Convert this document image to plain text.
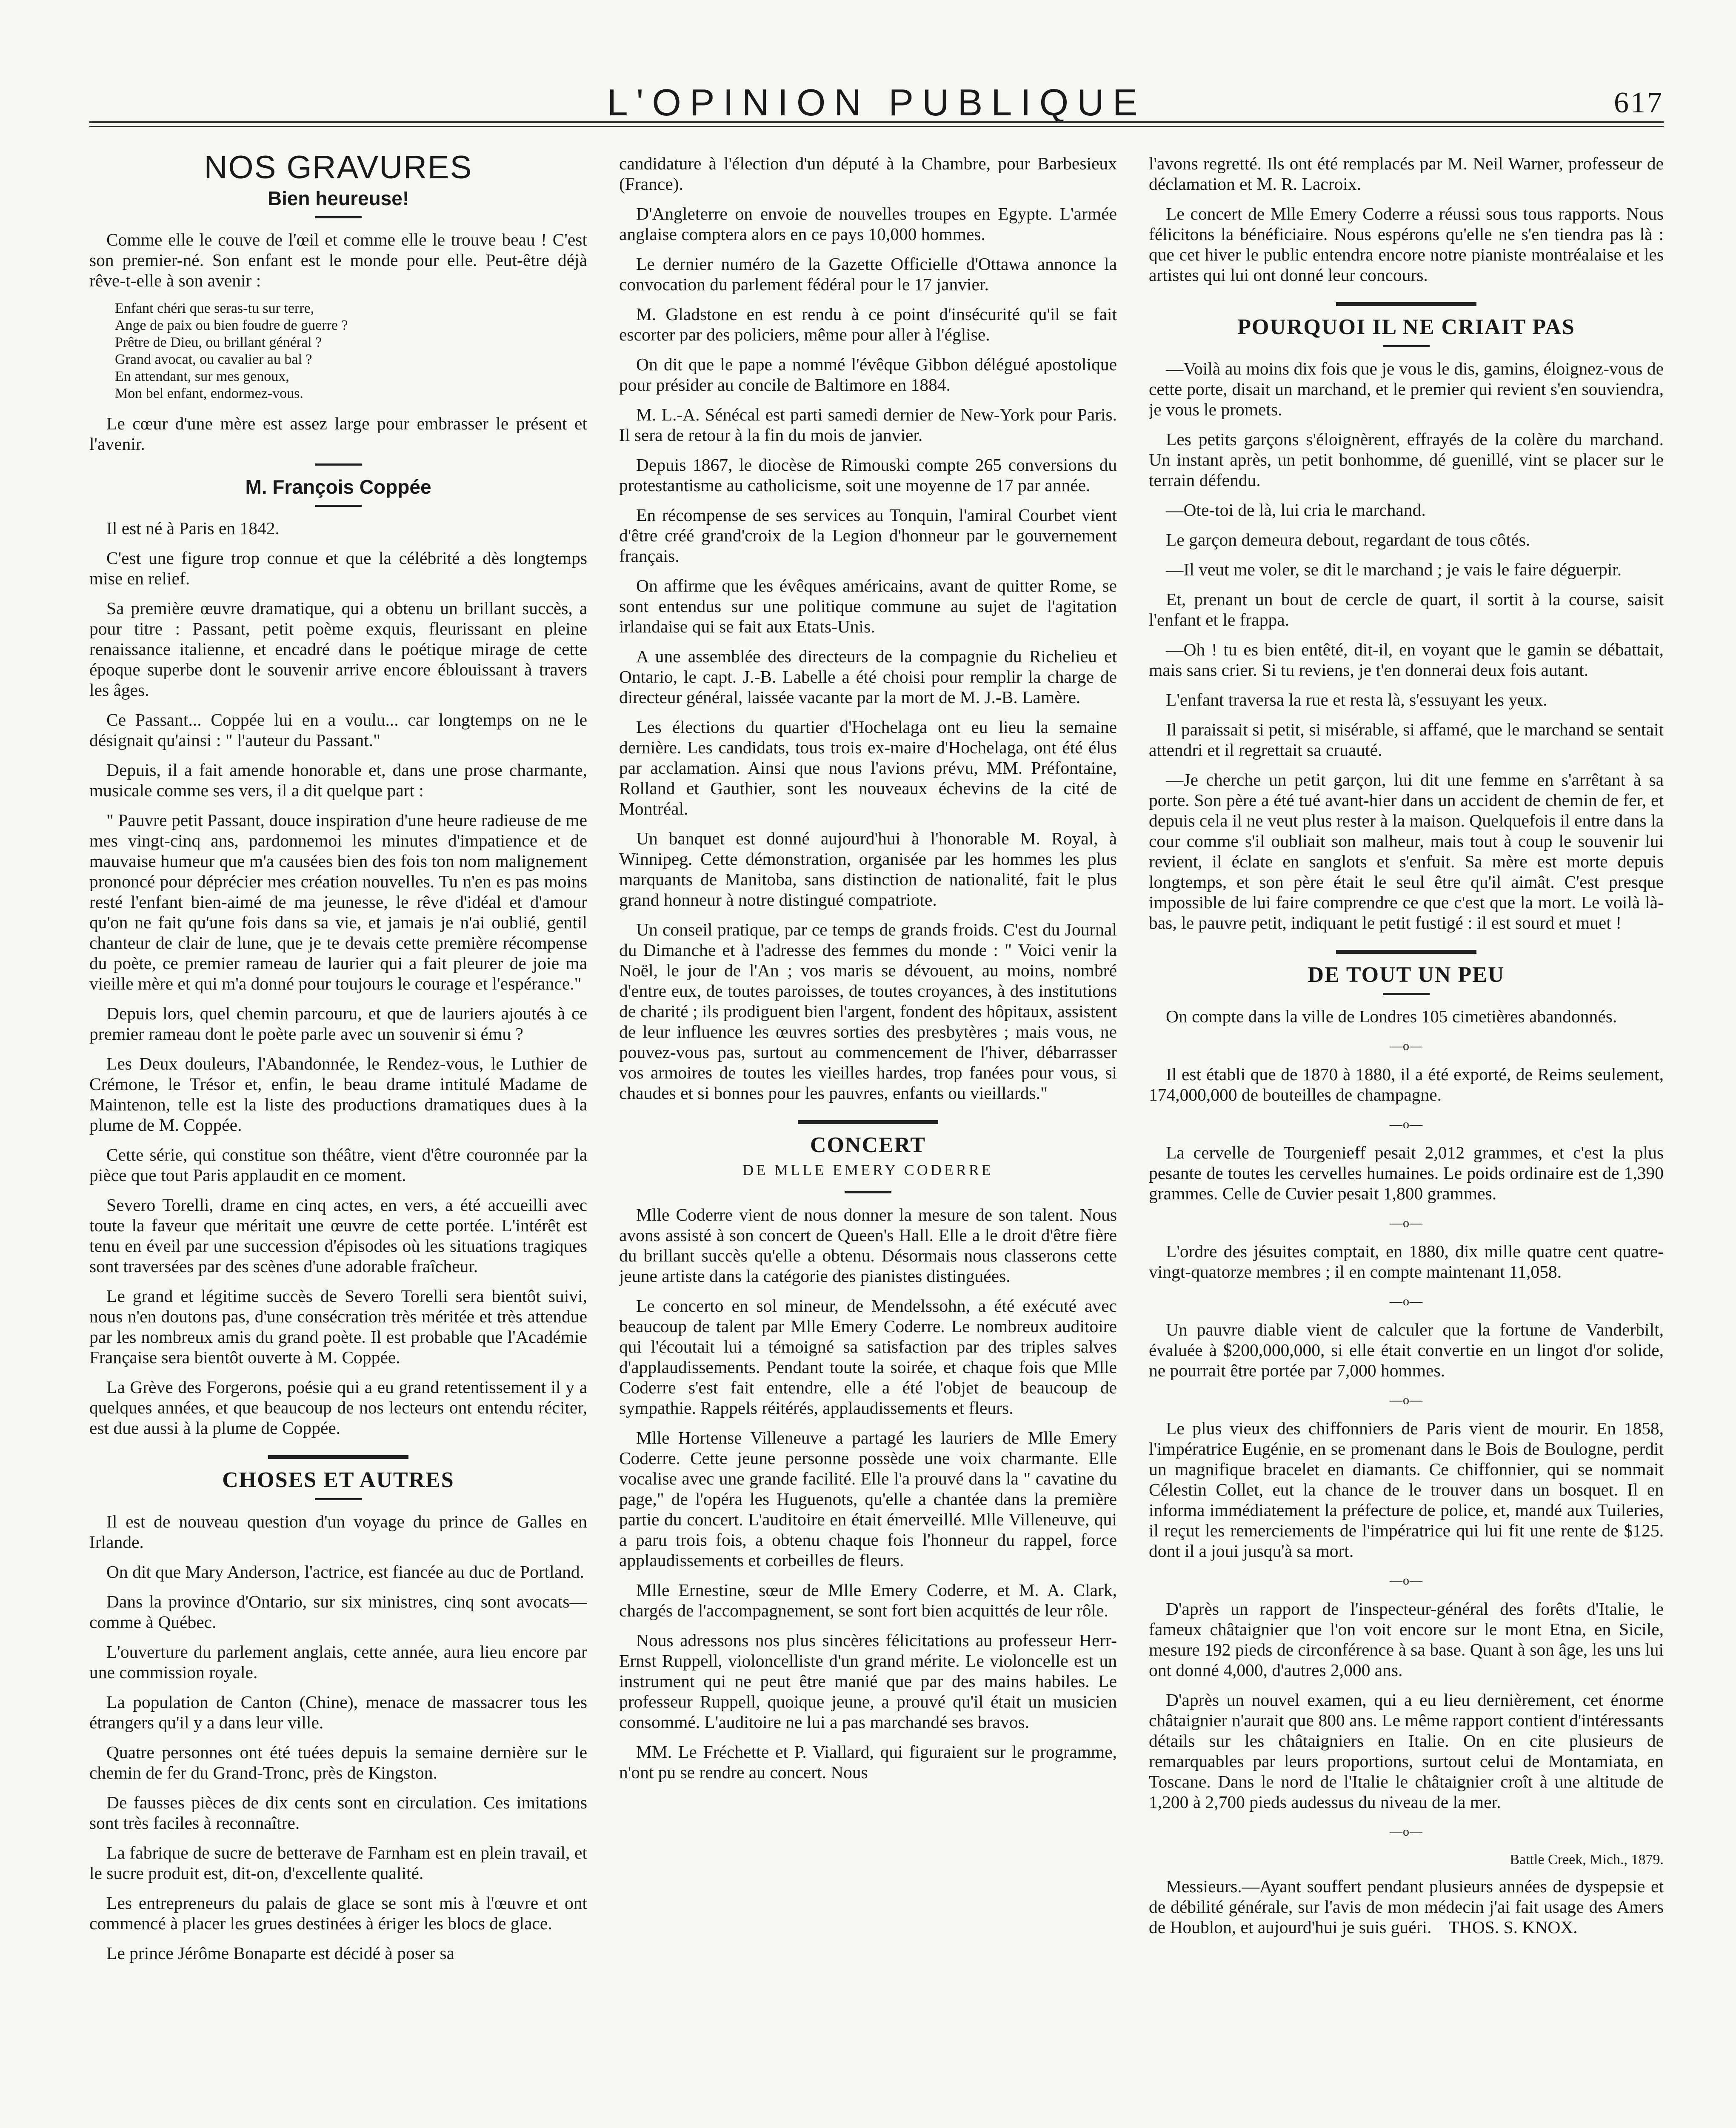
L'OPINION PUBLIQUE	617
NOS GRAVURES
Bien heureuse!

Comme elle le couve de l'œil et comme elle le trouve beau ! C'est son premier-né. Son enfant est le monde pour elle. Peut-être déjà rêve-t-elle à son avenir :

Enfant chéri que seras-tu sur terre,
Ange de paix ou bien foudre de guerre ?
Prêtre de Dieu, ou brillant général ?
Grand avocat, ou cavalier au bal ?
En attendant, sur mes genoux,
Mon bel enfant, endormez-vous.

Le cœur d'une mère est assez large pour embrasser le présent et l'avenir.

M. François Coppée

Il est né à Paris en 1842.

C'est une figure trop connue et que la célébrité a dès longtemps mise en relief.

Sa première œuvre dramatique, qui a obtenu un brillant succès, a pour titre : Passant, petit poème exquis, fleurissant en pleine renaissance italienne, et encadré dans le poétique mirage de cette époque superbe dont le souvenir arrive encore éblouissant à travers les âges.

Ce Passant... Coppée lui en a voulu... car longtemps on ne le désignait qu'ainsi : " l'auteur du Passant."

Depuis, il a fait amende honorable et, dans une prose charmante, musicale comme ses vers, il a dit quelque part :

" Pauvre petit Passant, douce inspiration d'une heure radieuse de me mes vingt-cinq ans, pardonnemoi les minutes d'impatience et de mauvaise humeur que m'a causées bien des fois ton nom malignement prononcé pour déprécier mes création nouvelles. Tu n'en es pas moins resté l'enfant bien-aimé de ma jeunesse, le rêve d'idéal et d'amour qu'on ne fait qu'une fois dans sa vie, et jamais je n'ai oublié, gentil chanteur de clair de lune, que je te devais cette première récompense du poète, ce premier rameau de laurier qui a fait pleurer de joie ma vieille mère et qui m'a donné pour toujours le courage et l'espérance."

Depuis lors, quel chemin parcouru, et que de lauriers ajoutés à ce premier rameau dont le poète parle avec un souvenir si ému ?

Les Deux douleurs, l'Abandonnée, le Rendez-vous, le Luthier de Crémone, le Trésor et, enfin, le beau drame intitulé Madame de Maintenon, telle est la liste des productions dramatiques dues à la plume de M. Coppée.

Cette série, qui constitue son théâtre, vient d'être couronnée par la pièce que tout Paris applaudit en ce moment.

Severo Torelli, drame en cinq actes, en vers, a été accueilli avec toute la faveur que méritait une œuvre de cette portée. L'intérêt est tenu en éveil par une succession d'épisodes où les situations tragiques sont traversées par des scènes d'une adorable fraîcheur.

Le grand et légitime succès de Severo Torelli sera bientôt suivi, nous n'en doutons pas, d'une consécration très méritée et très attendue par les nombreux amis du grand poète. Il est probable que l'Académie Française sera bientôt ouverte à M. Coppée.

La Grève des Forgerons, poésie qui a eu grand retentissement il y a quelques années, et que beaucoup de nos lecteurs ont entendu réciter, est due aussi à la plume de Coppée.

CHOSES ET AUTRES

Il est de nouveau question d'un voyage du prince de Galles en Irlande.

On dit que Mary Anderson, l'actrice, est fiancée au duc de Portland.

Dans la province d'Ontario, sur six ministres, cinq sont avocats—comme à Québec.

L'ouverture du parlement anglais, cette année, aura lieu encore par une commission royale.

La population de Canton (Chine), menace de massacrer tous les étrangers qu'il y a dans leur ville.

Quatre personnes ont été tuées depuis la semaine dernière sur le chemin de fer du Grand-Tronc, près de Kingston.

De fausses pièces de dix cents sont en circulation. Ces imitations sont très faciles à reconnaître.

La fabrique de sucre de betterave de Farnham est en plein travail, et le sucre produit est, dit-on, d'excellente qualité.

Les entrepreneurs du palais de glace se sont mis à l'œuvre et ont commencé à placer les grues destinées à ériger les blocs de glace.

Le prince Jérôme Bonaparte est décidé à poser sa

candidature à l'élection d'un député à la Chambre, pour Barbesieux (France).

D'Angleterre on envoie de nouvelles troupes en Egypte. L'armée anglaise comptera alors en ce pays 10,000 hommes.

Le dernier numéro de la Gazette Officielle d'Ottawa annonce la convocation du parlement fédéral pour le 17 janvier.

M. Gladstone en est rendu à ce point d'insécurité qu'il se fait escorter par des policiers, même pour aller à l'église.

On dit que le pape a nommé l'évêque Gibbon délégué apostolique pour présider au concile de Baltimore en 1884.

M. L.-A. Sénécal est parti samedi dernier de New-York pour Paris. Il sera de retour à la fin du mois de janvier.

Depuis 1867, le diocèse de Rimouski compte 265 conversions du protestantisme au catholicisme, soit une moyenne de 17 par année.

En récompense de ses services au Tonquin, l'amiral Courbet vient d'être créé grand'croix de la Legion d'honneur par le gouvernement français.

On affirme que les évêques américains, avant de quitter Rome, se sont entendus sur une politique commune au sujet de l'agitation irlandaise qui se fait aux Etats-Unis.

A une assemblée des directeurs de la compagnie du Richelieu et Ontario, le capt. J.-B. Labelle a été choisi pour remplir la charge de directeur général, laissée vacante par la mort de M. J.-B. Lamère.

Les élections du quartier d'Hochelaga ont eu lieu la semaine dernière. Les candidats, tous trois ex-maire d'Hochelaga, ont été élus par acclamation. Ainsi que nous l'avions prévu, MM. Préfontaine, Rolland et Gauthier, sont les nouveaux échevins de la cité de Montréal.

Un banquet est donné aujourd'hui à l'honorable M. Royal, à Winnipeg. Cette démonstration, organisée par les hommes les plus marquants de Manitoba, sans distinction de nationalité, fait le plus grand honneur à notre distingué compatriote.

Un conseil pratique, par ce temps de grands froids. C'est du Journal du Dimanche et à l'adresse des femmes du monde : " Voici venir la Noël, le jour de l'An ; vos maris se dévouent, au moins, nombré d'entre eux, de toutes paroisses, de toutes croyances, à des institutions de charité ; ils prodiguent bien l'argent, fondent des hôpitaux, assistent de leur influence les œuvres sorties des presbytères ; mais vous, ne pouvez-vous pas, surtout au commencement de l'hiver, débarrasser vos armoires de toutes les vieilles hardes, trop fanées pour vous, si chaudes et si bonnes pour les pauvres, enfants ou vieillards."

CONCERT
DE MLLE EMERY CODERRE

Mlle Coderre vient de nous donner la mesure de son talent. Nous avons assisté à son concert de Queen's Hall. Elle a le droit d'être fière du brillant succès qu'elle a obtenu. Désormais nous classerons cette jeune artiste dans la catégorie des pianistes distinguées.

Le concerto en sol mineur, de Mendelssohn, a été exécuté avec beaucoup de talent par Mlle Emery Coderre. Le nombreux auditoire qui l'écoutait lui a témoigné sa satisfaction par des triples salves d'applaudissements. Pendant toute la soirée, et chaque fois que Mlle Coderre s'est fait entendre, elle a été l'objet de beaucoup de sympathie. Rappels réitérés, applaudissements et fleurs.

Mlle Hortense Villeneuve a partagé les lauriers de Mlle Emery Coderre. Cette jeune personne possède une voix charmante. Elle vocalise avec une grande facilité. Elle l'a prouvé dans la " cavatine du page," de l'opéra les Huguenots, qu'elle a chantée dans la première partie du concert. L'auditoire en était émerveillé. Mlle Villeneuve, qui a paru trois fois, a obtenu chaque fois l'honneur du rappel, force applaudissements et corbeilles de fleurs.

Mlle Ernestine, sœur de Mlle Emery Coderre, et M. A. Clark, chargés de l'accompagnement, se sont fort bien acquittés de leur rôle.

Nous adressons nos plus sincères félicitations au professeur Herr-Ernst Ruppell, violoncelliste d'un grand mérite. Le violoncelle est un instrument qui ne peut être manié que par des mains habiles. Le professeur Ruppell, quoique jeune, a prouvé qu'il était un musicien consommé. L'auditoire ne lui a pas marchandé ses bravos.

MM. Le Fréchette et P. Viallard, qui figuraient sur le programme, n'ont pu se rendre au concert. Nous

l'avons regretté. Ils ont été remplacés par M. Neil Warner, professeur de déclamation et M. R. Lacroix.

Le concert de Mlle Emery Coderre a réussi sous tous rapports. Nous félicitons la bénéficiaire. Nous espérons qu'elle ne s'en tiendra pas là : que cet hiver le public entendra encore notre pianiste montréalaise et les artistes qui lui ont donné leur concours.

POURQUOI IL NE CRIAIT PAS

—Voilà au moins dix fois que je vous le dis, gamins, éloignez-vous de cette porte, disait un marchand, et le premier qui revient s'en souviendra, je vous le promets.

Les petits garçons s'éloignèrent, effrayés de la colère du marchand. Un instant après, un petit bonhomme, dé guenillé, vint se placer sur le terrain défendu.

—Ote-toi de là, lui cria le marchand.

Le garçon demeura debout, regardant de tous côtés.

—Il veut me voler, se dit le marchand ; je vais le faire déguerpir.

Et, prenant un bout de cercle de quart, il sortit à la course, saisit l'enfant et le frappa.

—Oh ! tu es bien entêté, dit-il, en voyant que le gamin se débattait, mais sans crier. Si tu reviens, je t'en donnerai deux fois autant.

L'enfant traversa la rue et resta là, s'essuyant les yeux.

Il paraissait si petit, si misérable, si affamé, que le marchand se sentait attendri et il regrettait sa cruauté.

—Je cherche un petit garçon, lui dit une femme en s'arrêtant à sa porte. Son père a été tué avant-hier dans un accident de chemin de fer, et depuis cela il ne veut plus rester à la maison. Quelquefois il entre dans la cour comme s'il oubliait son malheur, mais tout à coup le souvenir lui revient, il éclate en sanglots et s'enfuit. Sa mère est morte depuis longtemps, et son père était le seul être qu'il aimât. C'est presque impossible de lui faire comprendre ce que c'est que la mort. Le voilà là-bas, le pauvre petit, indiquant le petit fustigé : il est sourd et muet !

DE TOUT UN PEU

On compte dans la ville de Londres 105 cimetières abandonnés.

—o—

Il est établi que de 1870 à 1880, il a été exporté, de Reims seulement, 174,000,000 de bouteilles de champagne.

—o—

La cervelle de Tourgenieff pesait 2,012 grammes, et c'est la plus pesante de toutes les cervelles humaines. Le poids ordinaire est de 1,390 grammes. Celle de Cuvier pesait 1,800 grammes.

—o—

L'ordre des jésuites comptait, en 1880, dix mille quatre cent quatre-vingt-quatorze membres ; il en compte maintenant 11,058.

—o—

Un pauvre diable vient de calculer que la fortune de Vanderbilt, évaluée à $200,000,000, si elle était convertie en un lingot d'or solide, ne pourrait être portée par 7,000 hommes.

—o—

Le plus vieux des chiffonniers de Paris vient de mourir. En 1858, l'impératrice Eugénie, en se promenant dans le Bois de Boulogne, perdit un magnifique bracelet en diamants. Ce chiffonnier, qui se nommait Célestin Collet, eut la chance de le trouver dans un bosquet. Il en informa immédiatement la préfecture de police, et, mandé aux Tuileries, il reçut les remerciements de l'impératrice qui lui fit une rente de $125. dont il a joui jusqu'à sa mort.

—o—

D'après un rapport de l'inspecteur-général des forêts d'Italie, le fameux châtaignier que l'on voit encore sur le mont Etna, en Sicile, mesure 192 pieds de circonférence à sa base. Quant à son âge, les uns lui ont donné 4,000, d'autres 2,000 ans.

D'après un nouvel examen, qui a eu lieu dernièrement, cet énorme châtaignier n'aurait que 800 ans. Le même rapport contient d'intéressants détails sur les châtaigniers en Italie. On en cite plusieurs de remarquables par leurs proportions, surtout celui de Montamiata, en Toscane. Dans le nord de l'Italie le châtaignier croît à une altitude de 1,200 à 2,700 pieds audessus du niveau de la mer.

—o—
Battle Creek, Mich., 1879.

Messieurs.—Ayant souffert pendant plusieurs années de dyspepsie et de débilité générale, sur l'avis de mon médecin j'ai fait usage des Amers de Houblon, et aujourd'hui je suis guéri. THOS. S. KNOX.
